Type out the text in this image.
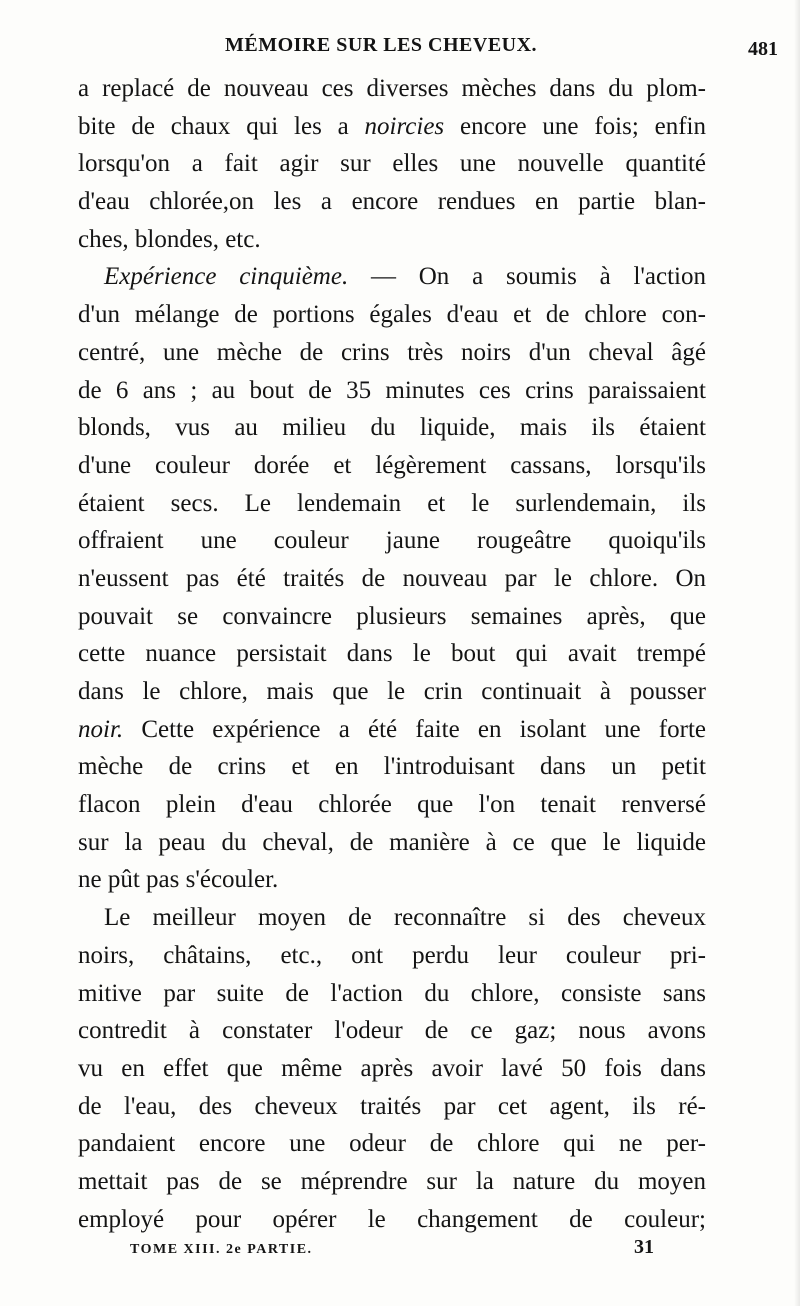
MÉMOIRE SUR LES CHEVEUX.	481
a replacé de nouveau ces diverses mèches dans du plom-
bite de chaux qui les a noircies encore une fois; enfin
lorsqu'on a fait agir sur elles une nouvelle quantité
d'eau chlorée,on les a encore rendues en partie blan-
ches, blondes, etc.
Expérience cinquième. — On a soumis à l'action
d'un mélange de portions égales d'eau et de chlore con-
centré, une mèche de crins très noirs d'un cheval âgé
de 6 ans ; au bout de 35 minutes ces crins paraissaient
blonds, vus au milieu du liquide, mais ils étaient
d'une couleur dorée et légèrement cassans, lorsqu'ils
étaient secs. Le lendemain et le surlendemain, ils
offraient une couleur jaune rougeâtre quoiqu'ils
n'eussent pas été traités de nouveau par le chlore. On
pouvait se convaincre plusieurs semaines après, que
cette nuance persistait dans le bout qui avait trempé
dans le chlore, mais que le crin continuait à pousser
noir. Cette expérience a été faite en isolant une forte
mèche de crins et en l'introduisant dans un petit
flacon plein d'eau chlorée que l'on tenait renversé
sur la peau du cheval, de manière à ce que le liquide
ne pût pas s'écouler.
Le meilleur moyen de reconnaître si des cheveux
noirs, châtains, etc., ont perdu leur couleur pri-
mitive par suite de l'action du chlore, consiste sans
contredit à constater l'odeur de ce gaz; nous avons
vu en effet que même après avoir lavé 50 fois dans
de l'eau, des cheveux traités par cet agent, ils ré-
pandaient encore une odeur de chlore qui ne per-
mettait pas de se méprendre sur la nature du moyen
employé pour opérer le changement de couleur;
TOME XIII. 2e PARTIE.	31
